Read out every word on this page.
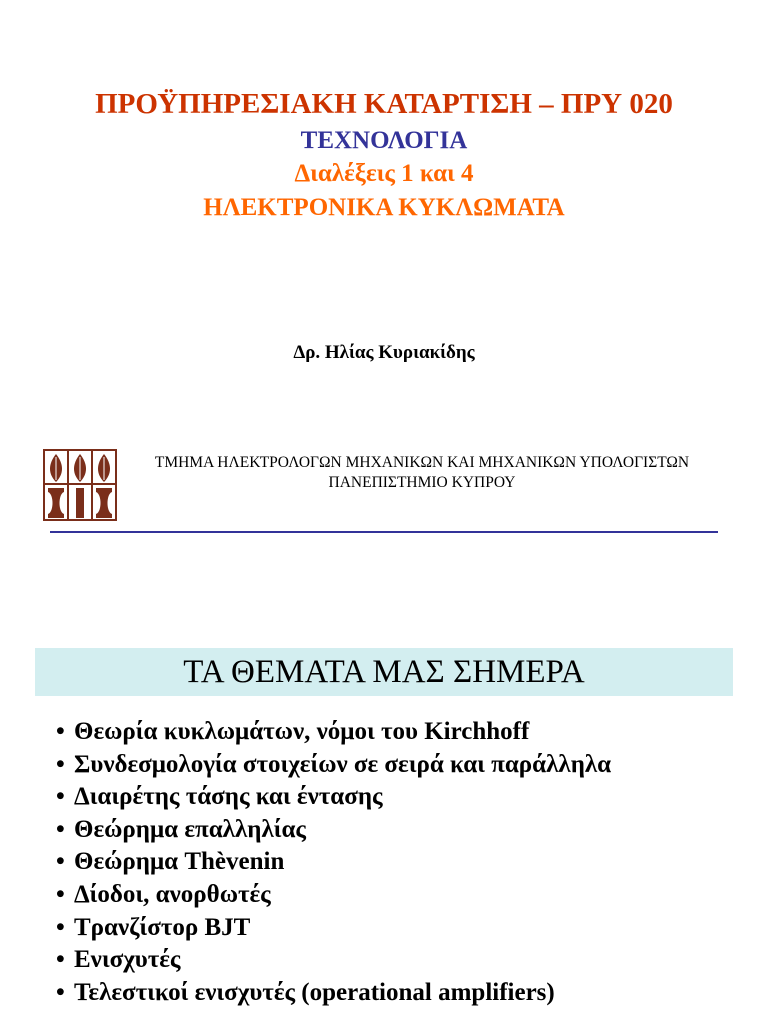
ΠΡΟΫΠΗΡΕΣΙΑΚΗ ΚΑΤΑΡΤΙΣΗ – ΠΡΥ 020
ΤΕΧΝΟΛΟΓΙΑ
Διαλέξεις 1 και 4
ΗΛΕΚΤΡΟΝΙΚΑ ΚΥΚΛΩΜΑΤΑ
Δρ. Ηλίας Κυριακίδης
ΤΜΗΜΑ ΗΛΕΚΤΡΟΛΟΓΩΝ ΜΗΧΑΝΙΚΩΝ ΚΑΙ ΜΗΧΑΝΙΚΩΝ ΥΠΟΛΟΓΙΣΤΩΝ
ΠΑΝΕΠΙΣΤΗΜΙΟ ΚΥΠΡΟΥ
ΤΑ ΘΕΜΑΤΑ ΜΑΣ ΣΗΜΕΡΑ
• Θεωρία κυκλωμάτων, νόμοι του Kirchhoff
• Συνδεσμολογία στοιχείων σε σειρά και παράλληλα
• Διαιρέτης τάσης και έντασης
• Θεώρημα επαλληλίας
• Θεώρημα Thèvenin
• Δίοδοι, ανορθωτές
• Τρανζίστορ BJT
• Ενισχυτές
• Τελεστικοί ενισχυτές (operational amplifiers)
